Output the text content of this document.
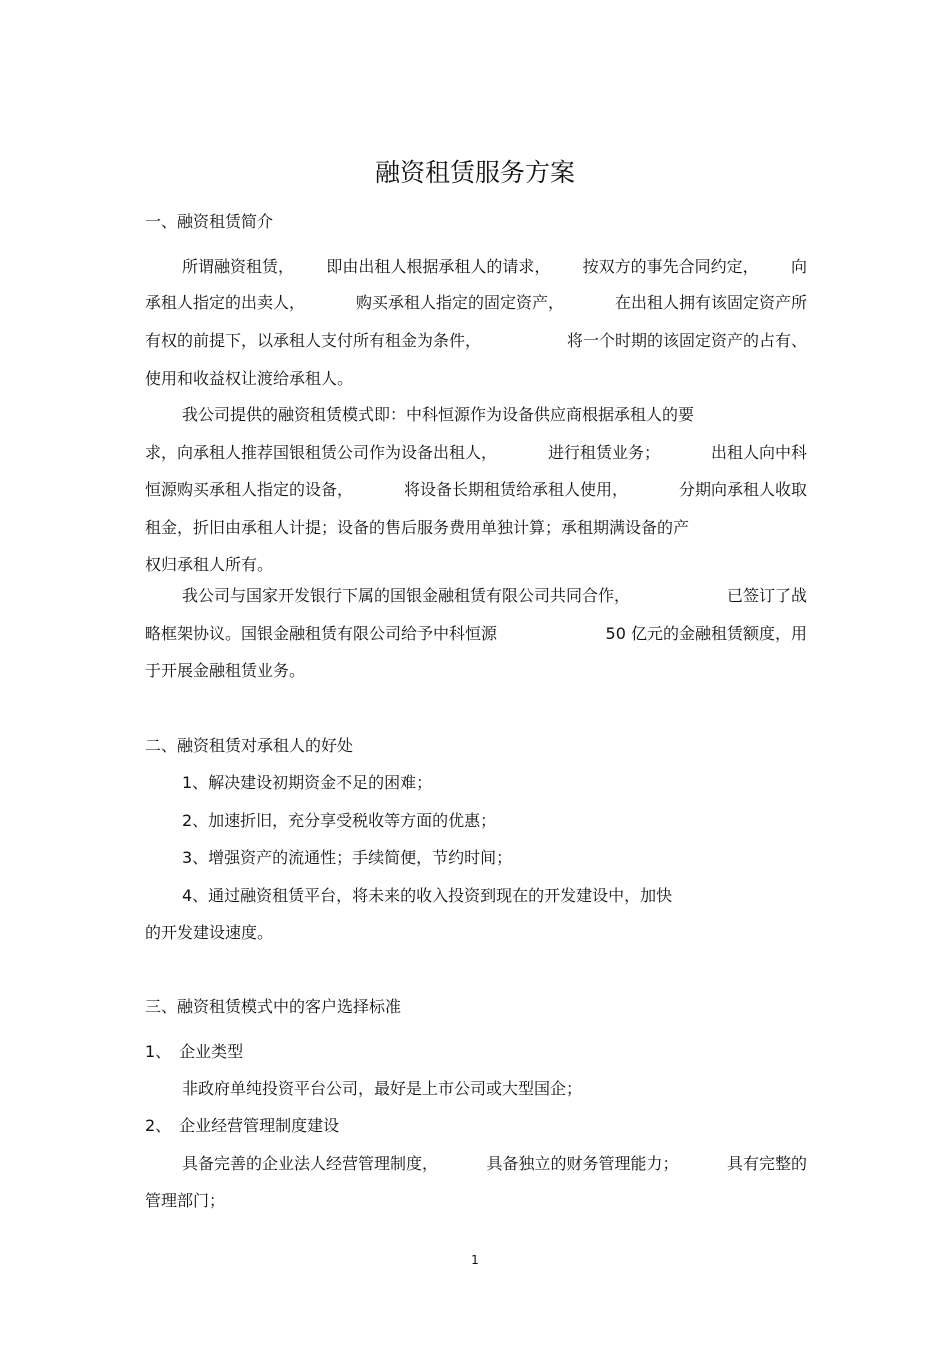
融资租赁服务方案
一、融资租赁简介
所谓融资租赁， 即由出租人根据承租人的请求， 按双方的事先合同约定， 向
承租人指定的出卖人，	购买承租人指定的固定资产，	在出租人拥有该固定资产所
有权的前提下，以承租人支付所有租金为条件，	将一个时期的该固定资产的占有、
使用和收益权让渡给承租人。
我公司提供的融资租赁模式即：中科恒源作为设备供应商根据承租人的要
求，向承租人推荐国银租赁公司作为设备出租人，	进行租赁业务；	出租人向中科
恒源购买承租人指定的设备，	将设备长期租赁给承租人使用，	分期向承租人收取
租金，折旧由承租人计提；设备的售后服务费用单独计算；承租期满设备的产
权归承租人所有。
我公司与国家开发银行下属的国银金融租赁有限公司共同合作，	已签订了战
略框架协议。国银金融租赁有限公司给予中科恒源	50 亿元的金融租赁额度，用
于开展金融租赁业务。
二、融资租赁对承租人的好处
1、解决建设初期资金不足的困难；
2、加速折旧，充分享受税收等方面的优惠；
3、增强资产的流通性；手续简便，节约时间；
4、通过融资租赁平台，将未来的收入投资到现在的开发建设中，加快
的开发建设速度。
三、融资租赁模式中的客户选择标准
1、　企业类型
非政府单纯投资平台公司，最好是上市公司或大型国企；
2、　企业经营管理制度建设
具备完善的企业法人经营管理制度，	具备独立的财务管理能力；	具有完整的
管理部门；
1
